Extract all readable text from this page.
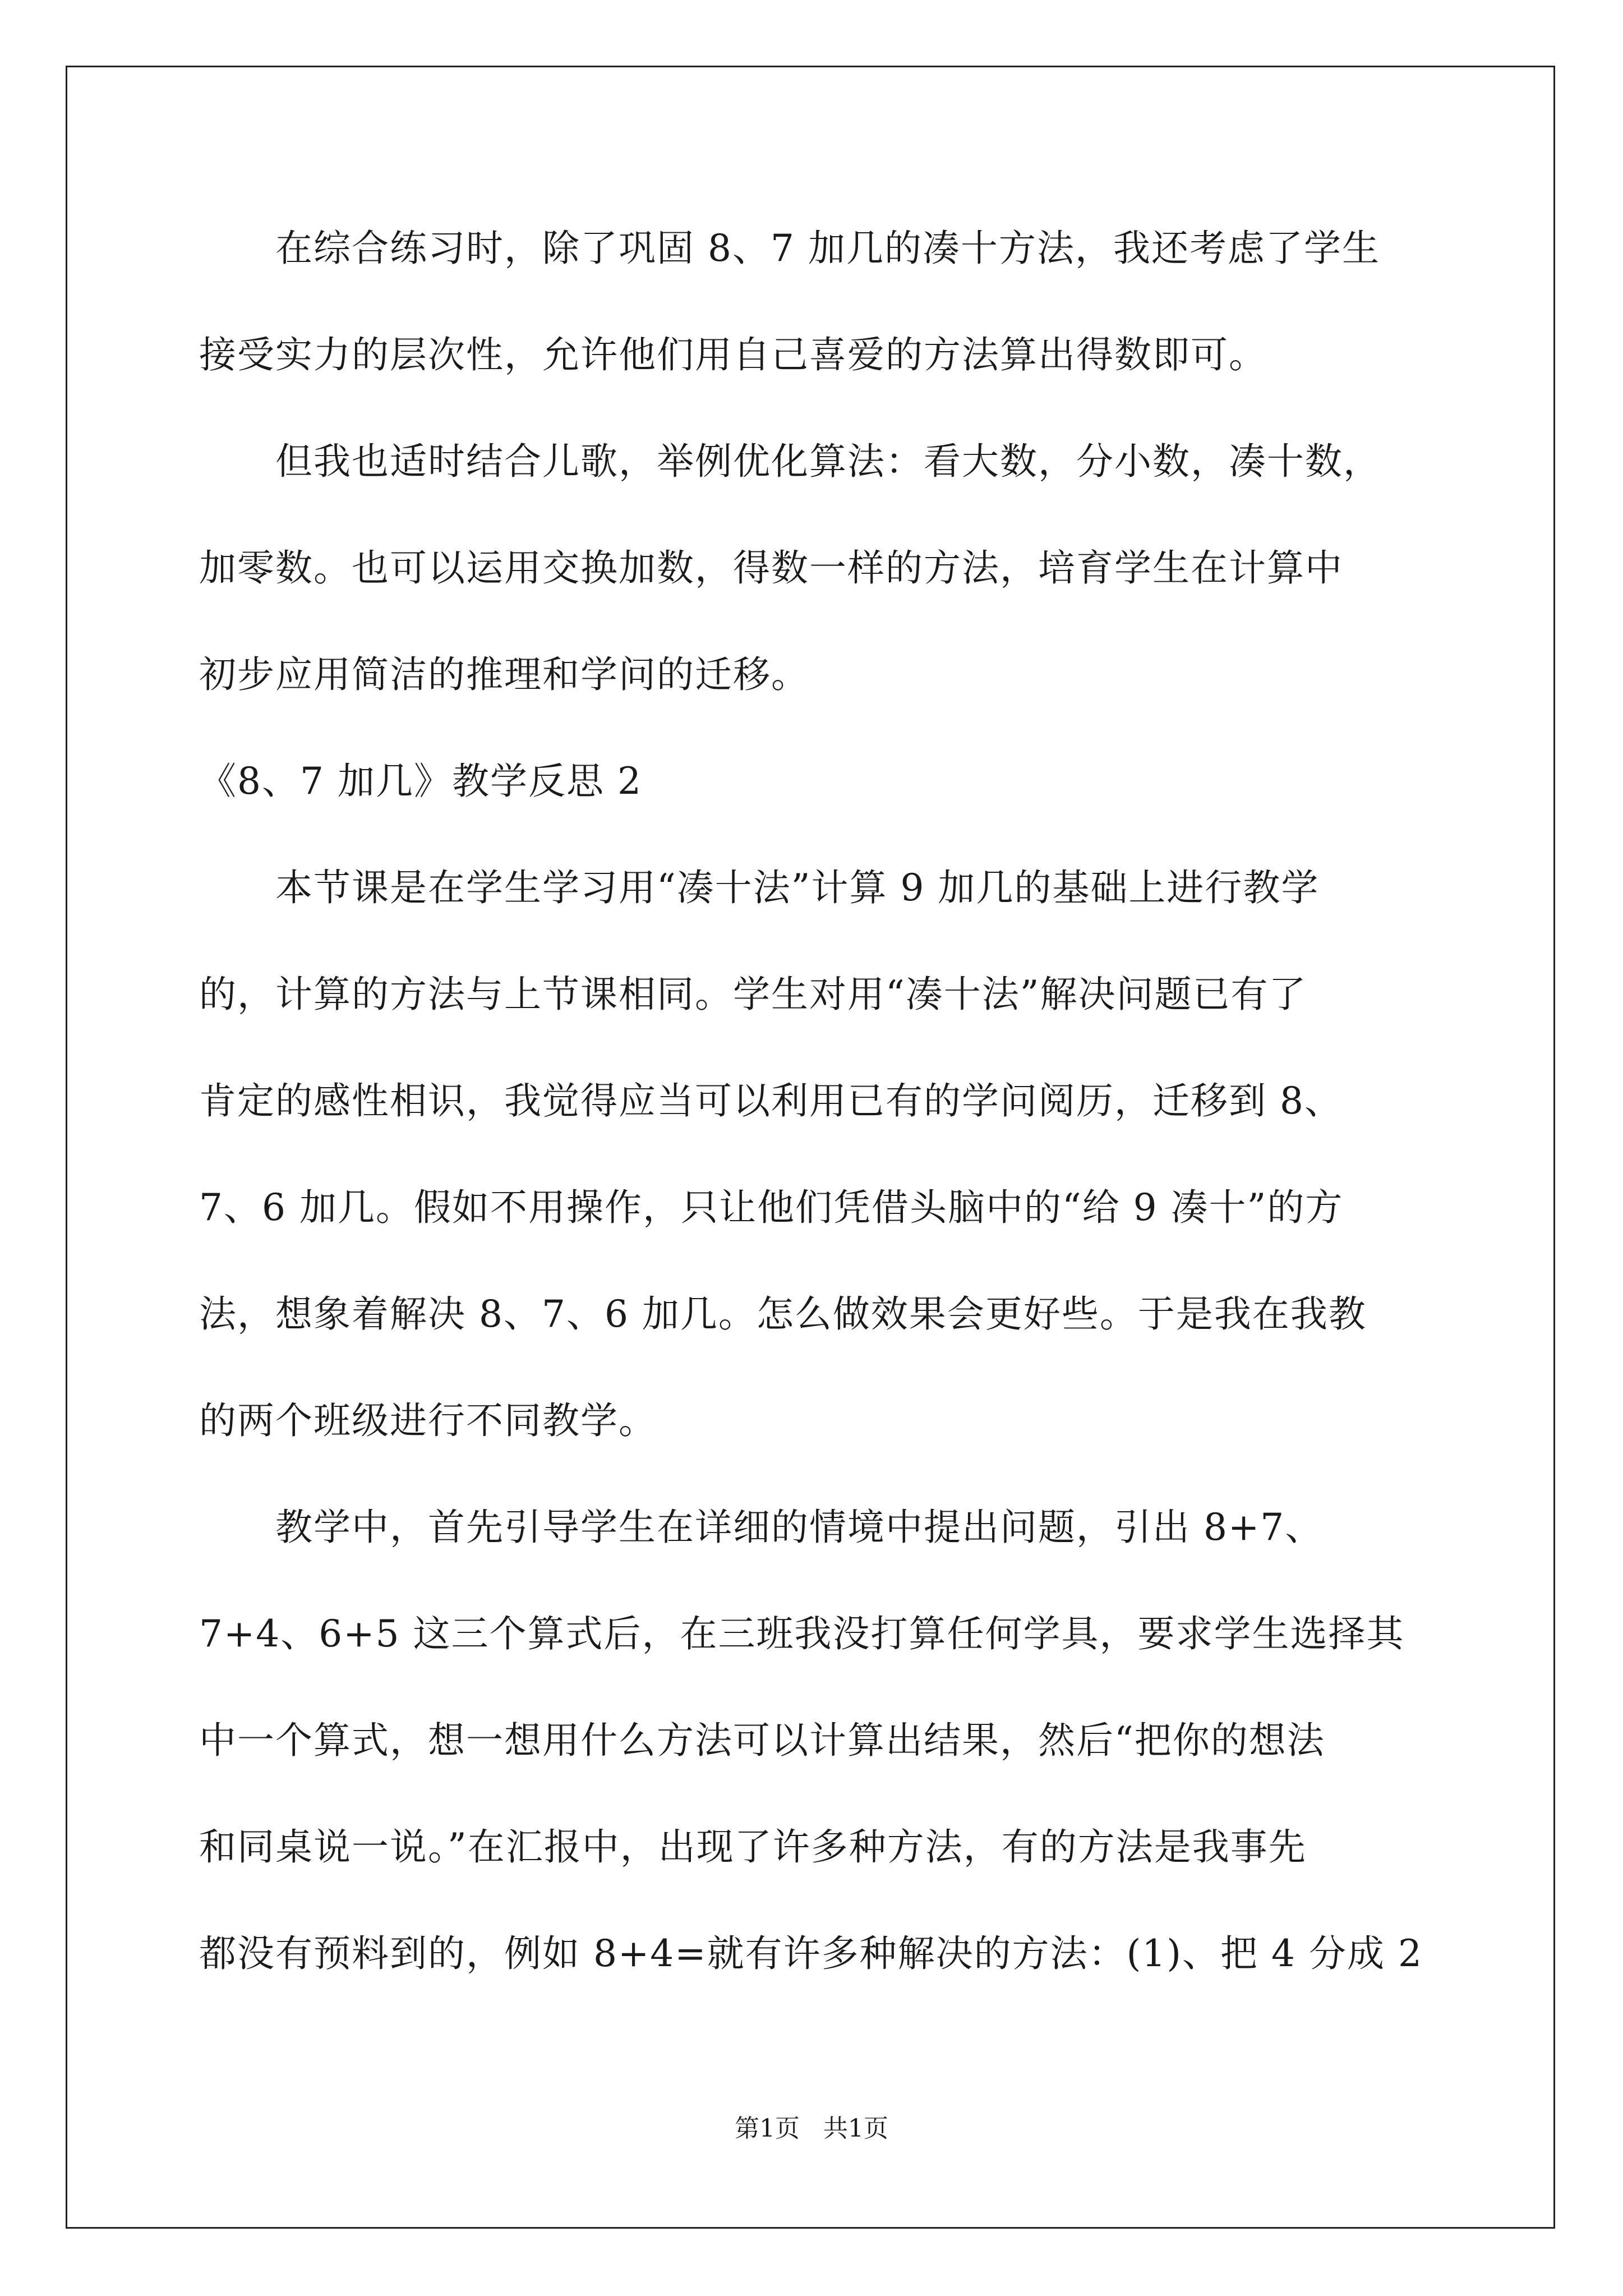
　　在综合练习时，除了巩固 8、7 加几的凑十方法，我还考虑了学生
接受实力的层次性，允许他们用自己喜爱的方法算出得数即可。
　　但我也适时结合儿歌，举例优化算法：看大数，分小数，凑十数，
加零数。也可以运用交换加数，得数一样的方法，培育学生在计算中
初步应用简洁的推理和学问的迁移。
《8、7 加几》教学反思 2
　　本节课是在学生学习用“凑十法”计算 9 加几的基础上进行教学
的，计算的方法与上节课相同。学生对用“凑十法”解决问题已有了
肯定的感性相识，我觉得应当可以利用已有的学问阅历，迁移到 8、
7、6 加几。假如不用操作，只让他们凭借头脑中的“给 9 凑十”的方
法，想象着解决 8、7、6 加几。怎么做效果会更好些。于是我在我教
的两个班级进行不同教学。
　　教学中，首先引导学生在详细的情境中提出问题，引出 8+7、
7+4、6+5 这三个算式后，在三班我没打算任何学具，要求学生选择其
中一个算式，想一想用什么方法可以计算出结果，然后“把你的想法
和同桌说一说。”在汇报中，出现了许多种方法，有的方法是我事先
都没有预料到的，例如 8+4=就有许多种解决的方法：(1)、把 4 分成 2
第1页   共1页
